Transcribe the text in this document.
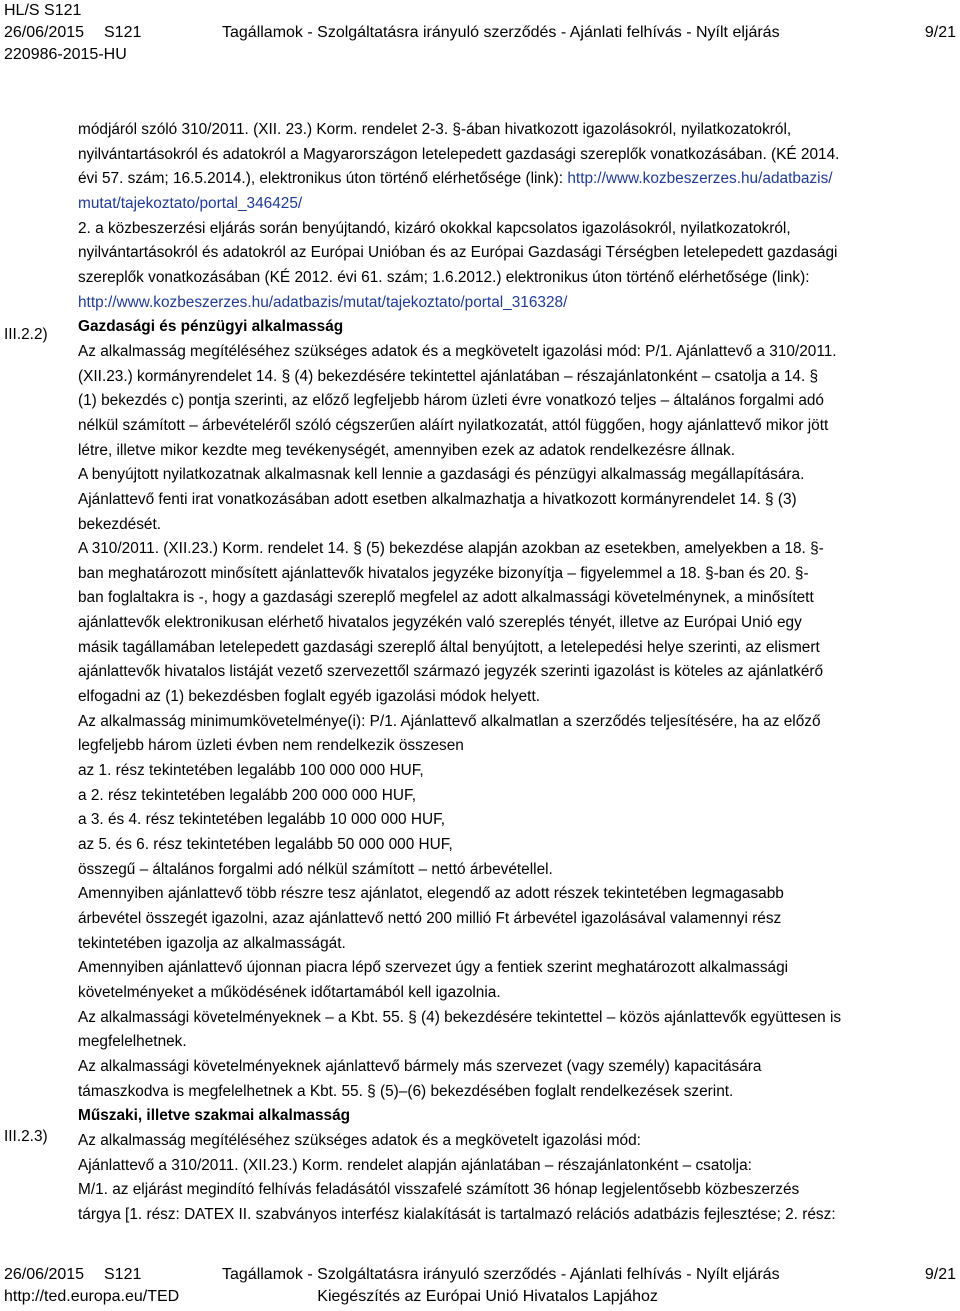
HL/S S121
26/06/2015	S121	Tagállamok - Szolgáltatásra irányuló szerződés - Ajánlati felhívás - Nyílt eljárás	9/21
220986-2015-HU
III.2.2)
III.2.3)

módjáról szóló 310/2011. (XII. 23.) Korm. rendelet 2-3. §-ában hivatkozott igazolásokról, nyilatkozatokról,

nyilvántartásokról és adatokról a Magyarországon letelepedett gazdasági szereplők vonatkozásában. (KÉ 2014.

évi 57. szám; 16.5.2014.), elektronikus úton történő elérhetősége (link): http://www.kozbeszerzes.hu/adatbazis/

mutat/tajekoztato/portal_346425/

2. a közbeszerzési eljárás során benyújtandó, kizáró okokkal kapcsolatos igazolásokról, nyilatkozatokról,

nyilvántartásokról és adatokról az Európai Unióban és az Európai Gazdasági Térségben letelepedett gazdasági

szereplők vonatkozásában (KÉ 2012. évi 61. szám; 1.6.2012.) elektronikus úton történő elérhetősége (link):

http://www.kozbeszerzes.hu/adatbazis/mutat/tajekoztato/portal_316328/

Gazdasági és pénzügyi alkalmasság

Az alkalmasság megítéléséhez szükséges adatok és a megkövetelt igazolási mód: P/1. Ajánlattevő a 310/2011.

(XII.23.) kormányrendelet 14. § (4) bekezdésére tekintettel ajánlatában – részajánlatonként – csatolja a 14. §

(1) bekezdés c) pontja szerinti, az előző legfeljebb három üzleti évre vonatkozó teljes – általános forgalmi adó

nélkül számított – árbevételéről szóló cégszerűen aláírt nyilatkozatát, attól függően, hogy ajánlattevő mikor jött

létre, illetve mikor kezdte meg tevékenységét, amennyiben ezek az adatok rendelkezésre állnak.

A benyújtott nyilatkozatnak alkalmasnak kell lennie a gazdasági és pénzügyi alkalmasság megállapítására.

Ajánlattevő fenti irat vonatkozásában adott esetben alkalmazhatja a hivatkozott kormányrendelet 14. § (3)

bekezdését.

A 310/2011. (XII.23.) Korm. rendelet 14. § (5) bekezdése alapján azokban az esetekben, amelyekben a 18. §-

ban meghatározott minősített ajánlattevők hivatalos jegyzéke bizonyítja – figyelemmel a 18. §-ban és 20. §-

ban foglaltakra is -, hogy a gazdasági szereplő megfelel az adott alkalmassági követelménynek, a minősített

ajánlattevők elektronikusan elérhető hivatalos jegyzékén való szereplés tényét, illetve az Európai Unió egy

másik tagállamában letelepedett gazdasági szereplő által benyújtott, a letelepedési helye szerinti, az elismert

ajánlattevők hivatalos listáját vezető szervezettől származó jegyzék szerinti igazolást is köteles az ajánlatkérő

elfogadni az (1) bekezdésben foglalt egyéb igazolási módok helyett.

Az alkalmasság minimumkövetelménye(i): P/1. Ajánlattevő alkalmatlan a szerződés teljesítésére, ha az előző

legfeljebb három üzleti évben nem rendelkezik összesen

az 1. rész tekintetében legalább 100 000 000 HUF,

a 2. rész tekintetében legalább 200 000 000 HUF,

a 3. és 4. rész tekintetében legalább 10 000 000 HUF,

az 5. és 6. rész tekintetében legalább 50 000 000 HUF,

összegű – általános forgalmi adó nélkül számított – nettó árbevétellel.

Amennyiben ajánlattevő több részre tesz ajánlatot, elegendő az adott részek tekintetében legmagasabb

árbevétel összegét igazolni, azaz ajánlattevő nettó 200 millió Ft árbevétel igazolásával valamennyi rész

tekintetében igazolja az alkalmasságát.

Amennyiben ajánlattevő újonnan piacra lépő szervezet úgy a fentiek szerint meghatározott alkalmassági

követelményeket a működésének időtartamából kell igazolnia.

Az alkalmassági követelményeknek – a Kbt. 55. § (4) bekezdésére tekintettel – közös ajánlattevők együttesen is

megfelelhetnek.

Az alkalmassági követelményeknek ajánlattevő bármely más szervezet (vagy személy) kapacitására

támaszkodva is megfelelhetnek a Kbt. 55. § (5)–(6) bekezdésében foglalt rendelkezések szerint.

Műszaki, illetve szakmai alkalmasság

Az alkalmasság megítéléséhez szükséges adatok és a megkövetelt igazolási mód:

Ajánlattevő a 310/2011. (XII.23.) Korm. rendelet alapján ajánlatában – részajánlatonként – csatolja:

M/1. az eljárást megindító felhívás feladásától visszafelé számított 36 hónap legjelentősebb közbeszerzés

tárgya [1. rész: DATEX II. szabványos interfész kialakítását is tartalmazó relációs adatbázis fejlesztése; 2. rész:

26/06/2015	S121	Tagállamok - Szolgáltatásra irányuló szerződés - Ajánlati felhívás - Nyílt eljárás	9/21
http://ted.europa.eu/TED	Kiegészítés az Európai Unió Hivatalos Lapjához
